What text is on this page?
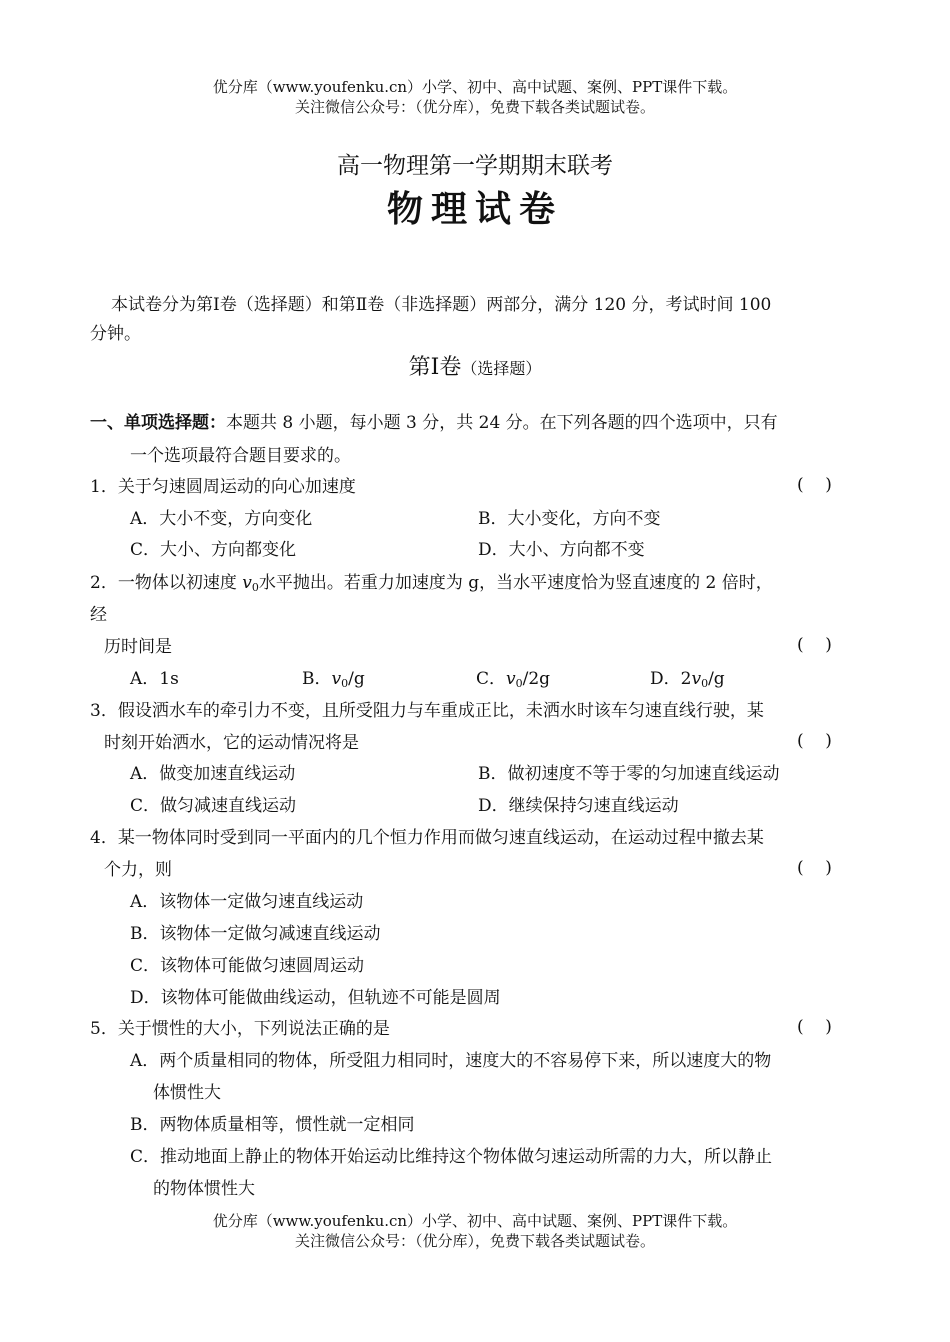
优分库（www.youfenku.cn）小学、初中、高中试题、案例、PPT课件下载。
关注微信公众号：（优分库），免费下载各类试题试卷。
高一物理第一学期期末联考
物理试卷
本试卷分为第Ⅰ卷（选择题）和第Ⅱ卷（非选择题）两部分，满分 120 分，考试时间 100
分钟。
第Ⅰ卷（选择题）
一、单项选择题：本题共 8 小题，每小题 3 分，共 24 分。在下列各题的四个选项中，只有
一个选项最符合题目要求的。
1．关于匀速圆周运动的向心加速度	(    )
A．大小不变，方向变化	B．大小变化，方向不变
C．大小、方向都变化	D．大小、方向都不变
2．一物体以初速度 $v_0$水平抛出。若重力加速度为 g，当水平速度恰为竖直速度的 2 倍时，
经
历时间是	(    )
A．1s	B．$v_0/g$	C．$v_0/2g$	D．$2v_0/g$
3．假设洒水车的牵引力不变，且所受阻力与车重成正比，未洒水时该车匀速直线行驶，某
时刻开始洒水，它的运动情况将是	(    )
A．做变加速直线运动	B．做初速度不等于零的匀加速直线运动
C．做匀减速直线运动	D．继续保持匀速直线运动
4．某一物体同时受到同一平面内的几个恒力作用而做匀速直线运动，在运动过程中撤去某
个力，则	(    )
A．该物体一定做匀速直线运动
B．该物体一定做匀减速直线运动
C．该物体可能做匀速圆周运动
D．该物体可能做曲线运动，但轨迹不可能是圆周
5．关于惯性的大小，下列说法正确的是	(    )
A．两个质量相同的物体，所受阻力相同时，速度大的不容易停下来，所以速度大的物
体惯性大
B．两物体质量相等，惯性就一定相同
C．推动地面上静止的物体开始运动比维持这个物体做匀速运动所需的力大，所以静止
的物体惯性大
优分库（www.youfenku.cn）小学、初中、高中试题、案例、PPT课件下载。
关注微信公众号：（优分库），免费下载各类试题试卷。
